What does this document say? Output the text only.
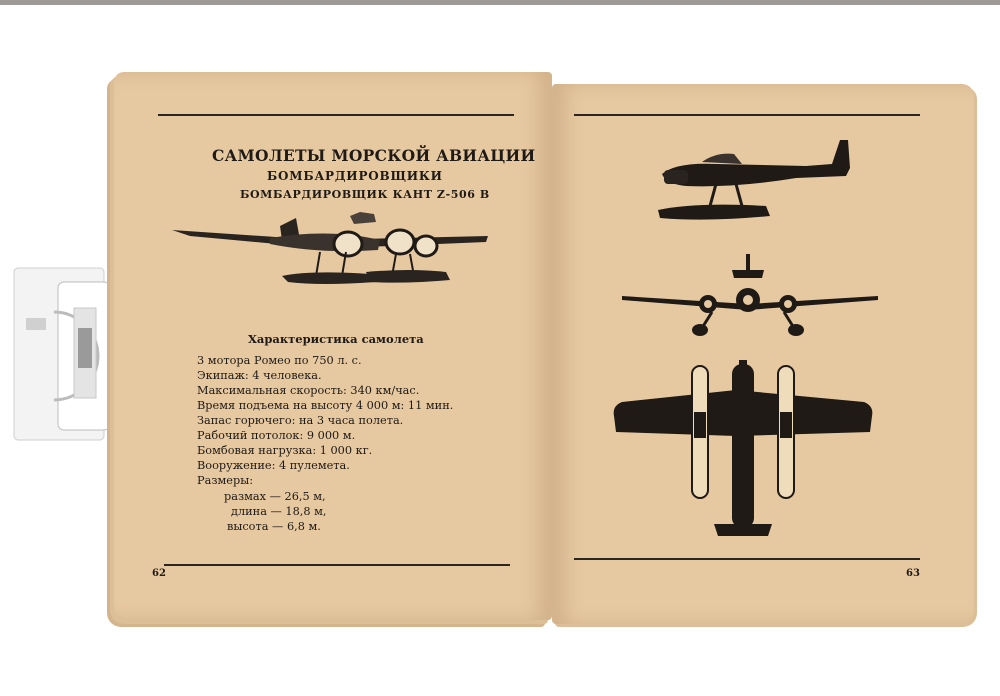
САМОЛЕТЫ МОРСКОЙ АВИАЦИИ
БОМБАРДИРОВЩИКИ
БОМБАРДИРОВЩИК КАНТ Z-506 В
Характеристика самолета
3 мотора Ромео по 750 л. с.
Экипаж: 4 человека.
Максимальная скорость: 340 км/час.
Время подъема на высоту 4 000 м: 11 мин.
Запас горючего: на 3 часа полета.
Рабочий потолок: 9 000 м.
Бомбовая нагрузка: 1 000 кг.
Вооружение: 4 пулемета.
Размеры:
размах — 26,5 м,
длина — 18,8 м,
высота — 6,8 м.
62	63
